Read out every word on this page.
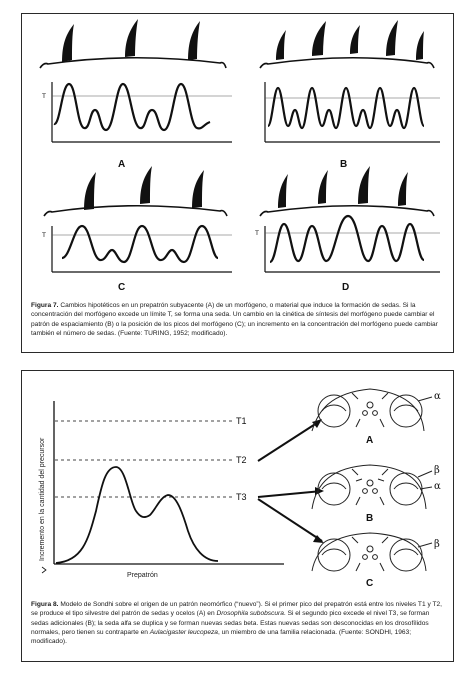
T
A	B
T
C
T
D
Figura 7. Cambios hipotéticos en un prepatrón subyacente (A) de un morfógeno, o material que induce la formación de sedas. Si la concentración del morfógeno excede un límite T, se forma una seda. Un cambio en la cinética de síntesis del morfógeno puede cambiar el patrón de espaciamiento (B) o la posición de los picos del morfógeno (C); un incremento en la concentración del morfógeno puede cambiar también el número de sedas. (Fuente: TURING, 1952; modificado).
Incremento en la cantidad del precursor
Prepatrón
T1
T2
T3
A
α
B
β
α
C
β
Figura 8. Modelo de Sondhi sobre el origen de un patrón neomórfico (“nuevo”). Si el primer pico del prepatrón está entre los niveles T1 y T2, se produce el tipo silvestre del patrón de sedas y ocelos (A) en Drosophila subobscura. Si el segundo pico excede el nivel T3, se forman sedas adicionales (B); la seda alfa se duplica y se forman nuevas sedas beta. Estas nuevas sedas son desconocidas en los drosofílidos normales, pero tienen su contraparte en Aulacigaster leucopeza, un miembro de una familia relacionada. (Fuente: SONDHI, 1963; modificado).
